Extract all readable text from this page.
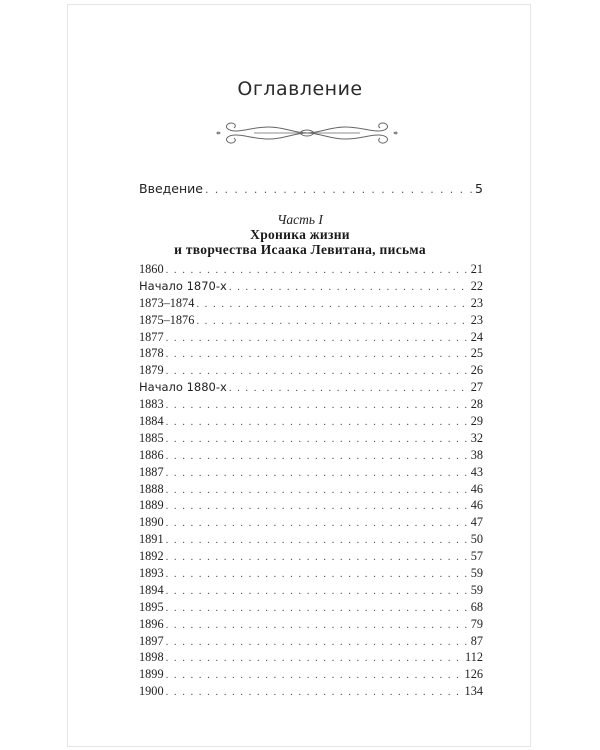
Оглавление
Введение . . .	5
Часть I
Хроника жизни
и творчества Исаака Левитана, письма
1860 . . .	21
Начало 1870-х . . .	22
1873–1874 . . .	23
1875–1876 . . .	23
1877 . . .	24
1878 . . .	25
1879 . . .	26
Начало 1880-х . . .	27
1883 . . .	28
1884 . . .	29
1885 . . .	32
1886 . . .	38
1887 . . .	43
1888 . . .	46
1889 . . .	46
1890 . . .	47
1891 . . .	50
1892 . . .	57
1893 . . .	59
1894 . . .	59
1895 . . .	68
1896 . . .	79
1897 . . .	87
1898 . . .	112
1899 . . .	126
1900 . . .	134
